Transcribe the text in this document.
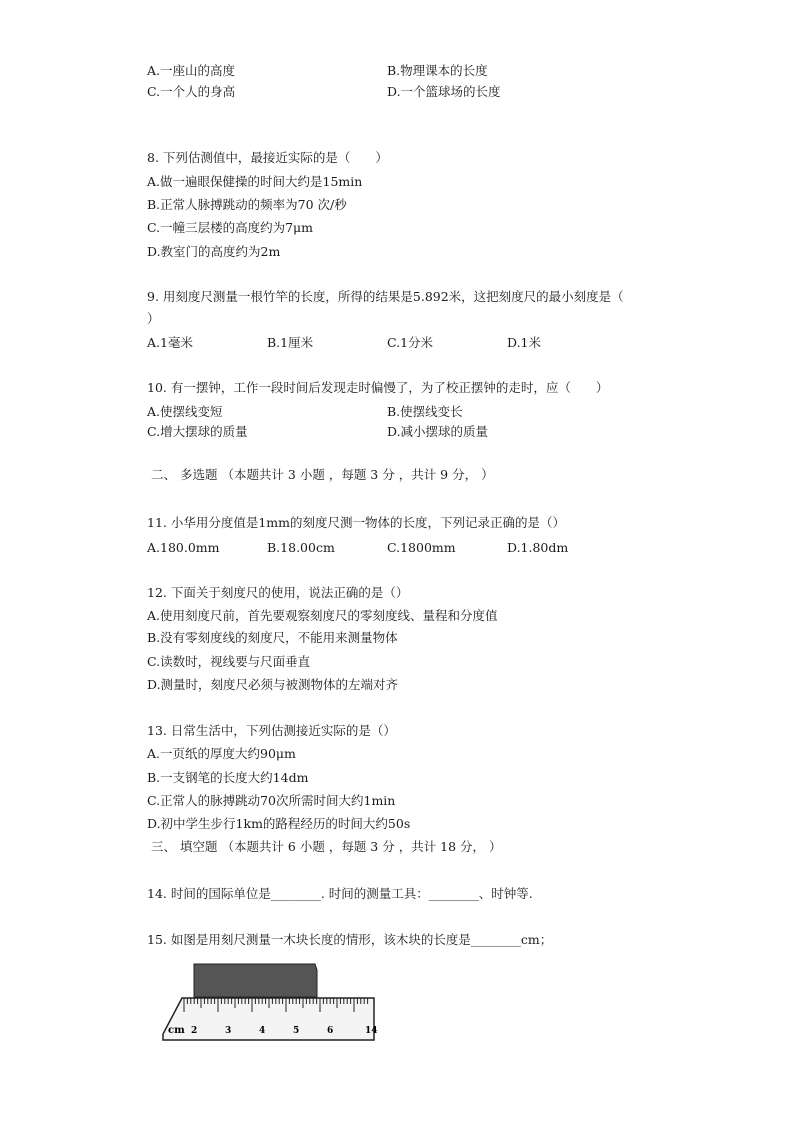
A.一座山的高度	B.物理课本的长度
C.一个人的身高	D.一个篮球场的长度
8. 下列估测值中，最接近实际的是（　　）
A.做一遍眼保健操的时间大约是15min
B.正常人脉搏跳动的频率为70 次/秒
C.一幢三层楼的高度约为7μm
D.教室门的高度约为2m
9. 用刻度尺测量一根竹竿的长度，所得的结果是5.892米，这把刻度尺的最小刻度是（
）
A.1毫米	B.1厘米	C.1分米	D.1米
10. 有一摆钟，工作一段时间后发现走时偏慢了，为了校正摆钟的走时，应（　　）
A.使摆线变短	B.使摆线变长
C.增大摆球的质量	D.减小摆球的质量
二、 多选题 （本题共计 3 小题 ，每题 3 分 ，共计 9 分， ）
11. 小华用分度值是1mm的刻度尺测一物体的长度，下列记录正确的是（）
A.180.0mm	B.18.00cm	C.1800mm	D.1.80dm
12. 下面关于刻度尺的使用，说法正确的是（）
A.使用刻度尺前，首先要观察刻度尺的零刻度线、量程和分度值
B.没有零刻度线的刻度尺，不能用来测量物体
C.读数时，视线要与尺面垂直
D.测量时，刻度尺必须与被测物体的左端对齐
13. 日常生活中，下列估测接近实际的是（）
A.一页纸的厚度大约90μm
B.一支钢笔的长度大约14dm
C.正常人的脉搏跳动70次所需时间大约1min
D.初中学生步行1km的路程经历的时间大约50s
三、 填空题 （本题共计 6 小题 ，每题 3 分 ，共计 18 分， ）
14. 时间的国际单位是________. 时间的测量工具：________、时钟等.
15. 如图是用刻尺测量一木块长度的情形，该木块的长度是________cm；
cm 2	3	4	5	6	14
